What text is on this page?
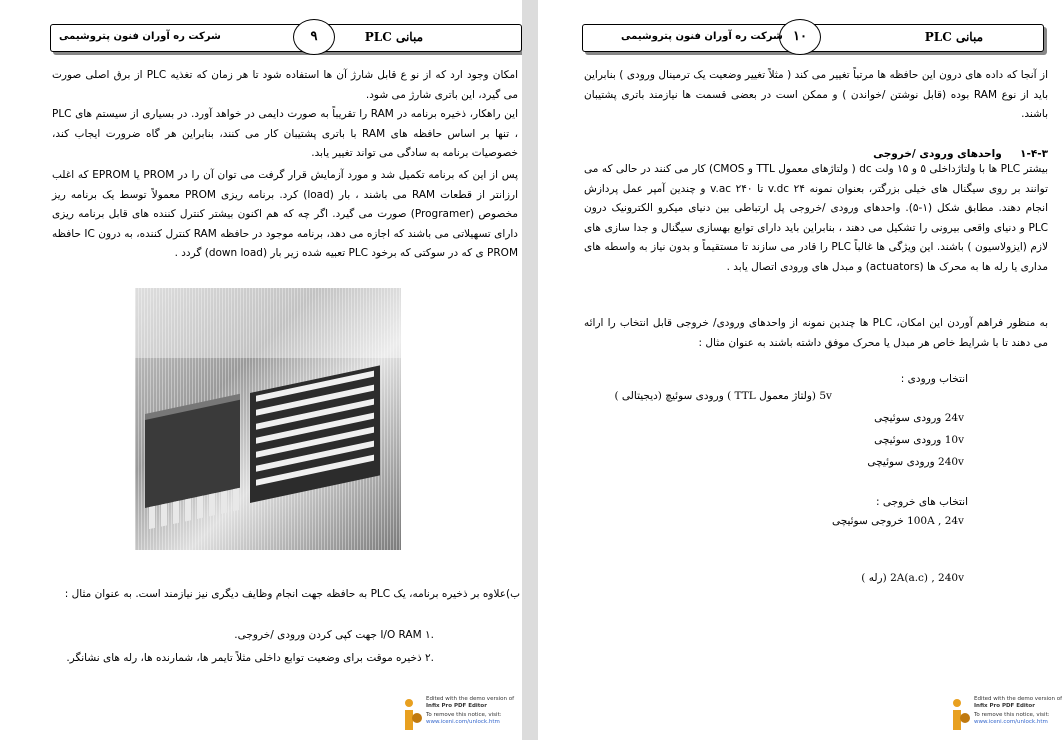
مبانی PLC
۹
شرکت ره آوران فنون پتروشیمی
امکان وجود ارد که از نو ع قابل شارژ آن ها استفاده شود تا هر زمان که تغذیه PLC از برق اصلی صورت می گیرد، این باتری شارژ می شود.
این راهکار، ذخیره برنامه در RAM را تقریباً به صورت دایمی در خواهد آورد. در بسیاری از سیستم های PLC ، تنها بر اساس حافظه های RAM با باتری پشتیبان کار می کنند، بنابراین هر گاه ضرورت ایجاب کند، خصوصیات برنامه به سادگی می تواند تغییر یابد.
پس از این که برنامه تکمیل شد و مورد آزمایش قرار گرفت می توان آن را در PROM یا EPROM که اغلب ارزانتر از قطعات RAM می باشند ، بار (load) کرد. برنامه ریزی PROM معمولاً توسط یک برنامه ریز مخصوص (Programer) صورت می گیرد. اگر چه که هم اکنون بیشتر کنترل کننده های قابل برنامه ریزی دارای تسهیلاتی می باشند که اجازه می دهد، برنامه موجود در حافظه RAM کنترل کننده، به درون IC حافظه PROM ی که در سوکتی که برخود PLC تعبیه شده زیر بار (down load) گردد .
ب)علاوه بر ذخیره برنامه، یک PLC به حافظه جهت انجام وظایف دیگری نیز نیازمند است. به عنوان مثال :
.۱ I/O RAM جهت کپی کردن ورودی /خروجی.
.۲ ذخیره موقت برای وضعیت توابع داخلی مثلاً تایمر ها، شمارنده ها، رله های نشانگر.
Edited with the demo version of
Infix Pro PDF Editor
To remove this notice, visit:
www.iceni.com/unlock.htm
مبانی PLC
۱۰
شرکت ره آوران فنون پتروشیمی
از آنجا که داده های درون این حافظه ها مرتباً تغییر می کند ( مثلاً تغییر وضعیت یک ترمینال ورودی ) بنابراین باید از نوع RAM بوده (قابل نوشتن /خواندن ) و ممکن است در بعضی قسمت ها نیازمند باتری پشتیبان باشند.
۱-۴-۳     واحدهای ورودی /خروجی
بیشتر PLC ها با ولتاژداخلی ۵ و ۱۵ ولت dc ( ولتاژهای معمول TTL و CMOS) کار می کنند در حالی که می توانند بر روی سیگنال های خیلی بزرگتر، بعنوان نمونه v.dc ۲۴ تا v.ac ۲۴۰ و چندین آمپر عمل پردازش انجام دهند. مطابق شکل (۱-۵). واحدهای ورودی /خروجی پل ارتباطی بین دنیای میکرو الکترونیک درون PLC و دنیای واقعی بیرونی را تشکیل می دهند ، بنابراین باید دارای توابع بهسازی سیگنال و جدا سازی های لازم (ایزولاسیون ) باشند. این ویژگی ها غالباً PLC را قادر می سازند تا مستقیماً و بدون نیاز به واسطه های مداری یا رله ها به محرک ها (actuators) و مبدل های ورودی اتصال یابد .
به منظور فراهم آوردن این امکان، PLC ها چندین نمونه از واحدهای ورودی/ خروجی قابل انتخاب را ارائه می دهند تا با شرایط خاص هر مبدل یا محرک موفق داشته باشند به عنوان مثال :
انتخاب ورودی :
5v (ولتاژ معمول TTL ) ورودی سوئیچ (دیجیتالی )
24v ورودی سوئیچی
10v ورودی سوئیچی
240v ورودی سوئیچی
انتخاب های خروجی :
100A , 24v خروجی سوئیچی
2A(a.c) , 240v (رله )
Edited with the demo version of
Infix Pro PDF Editor
To remove this notice, visit:
www.iceni.com/unlock.htm
